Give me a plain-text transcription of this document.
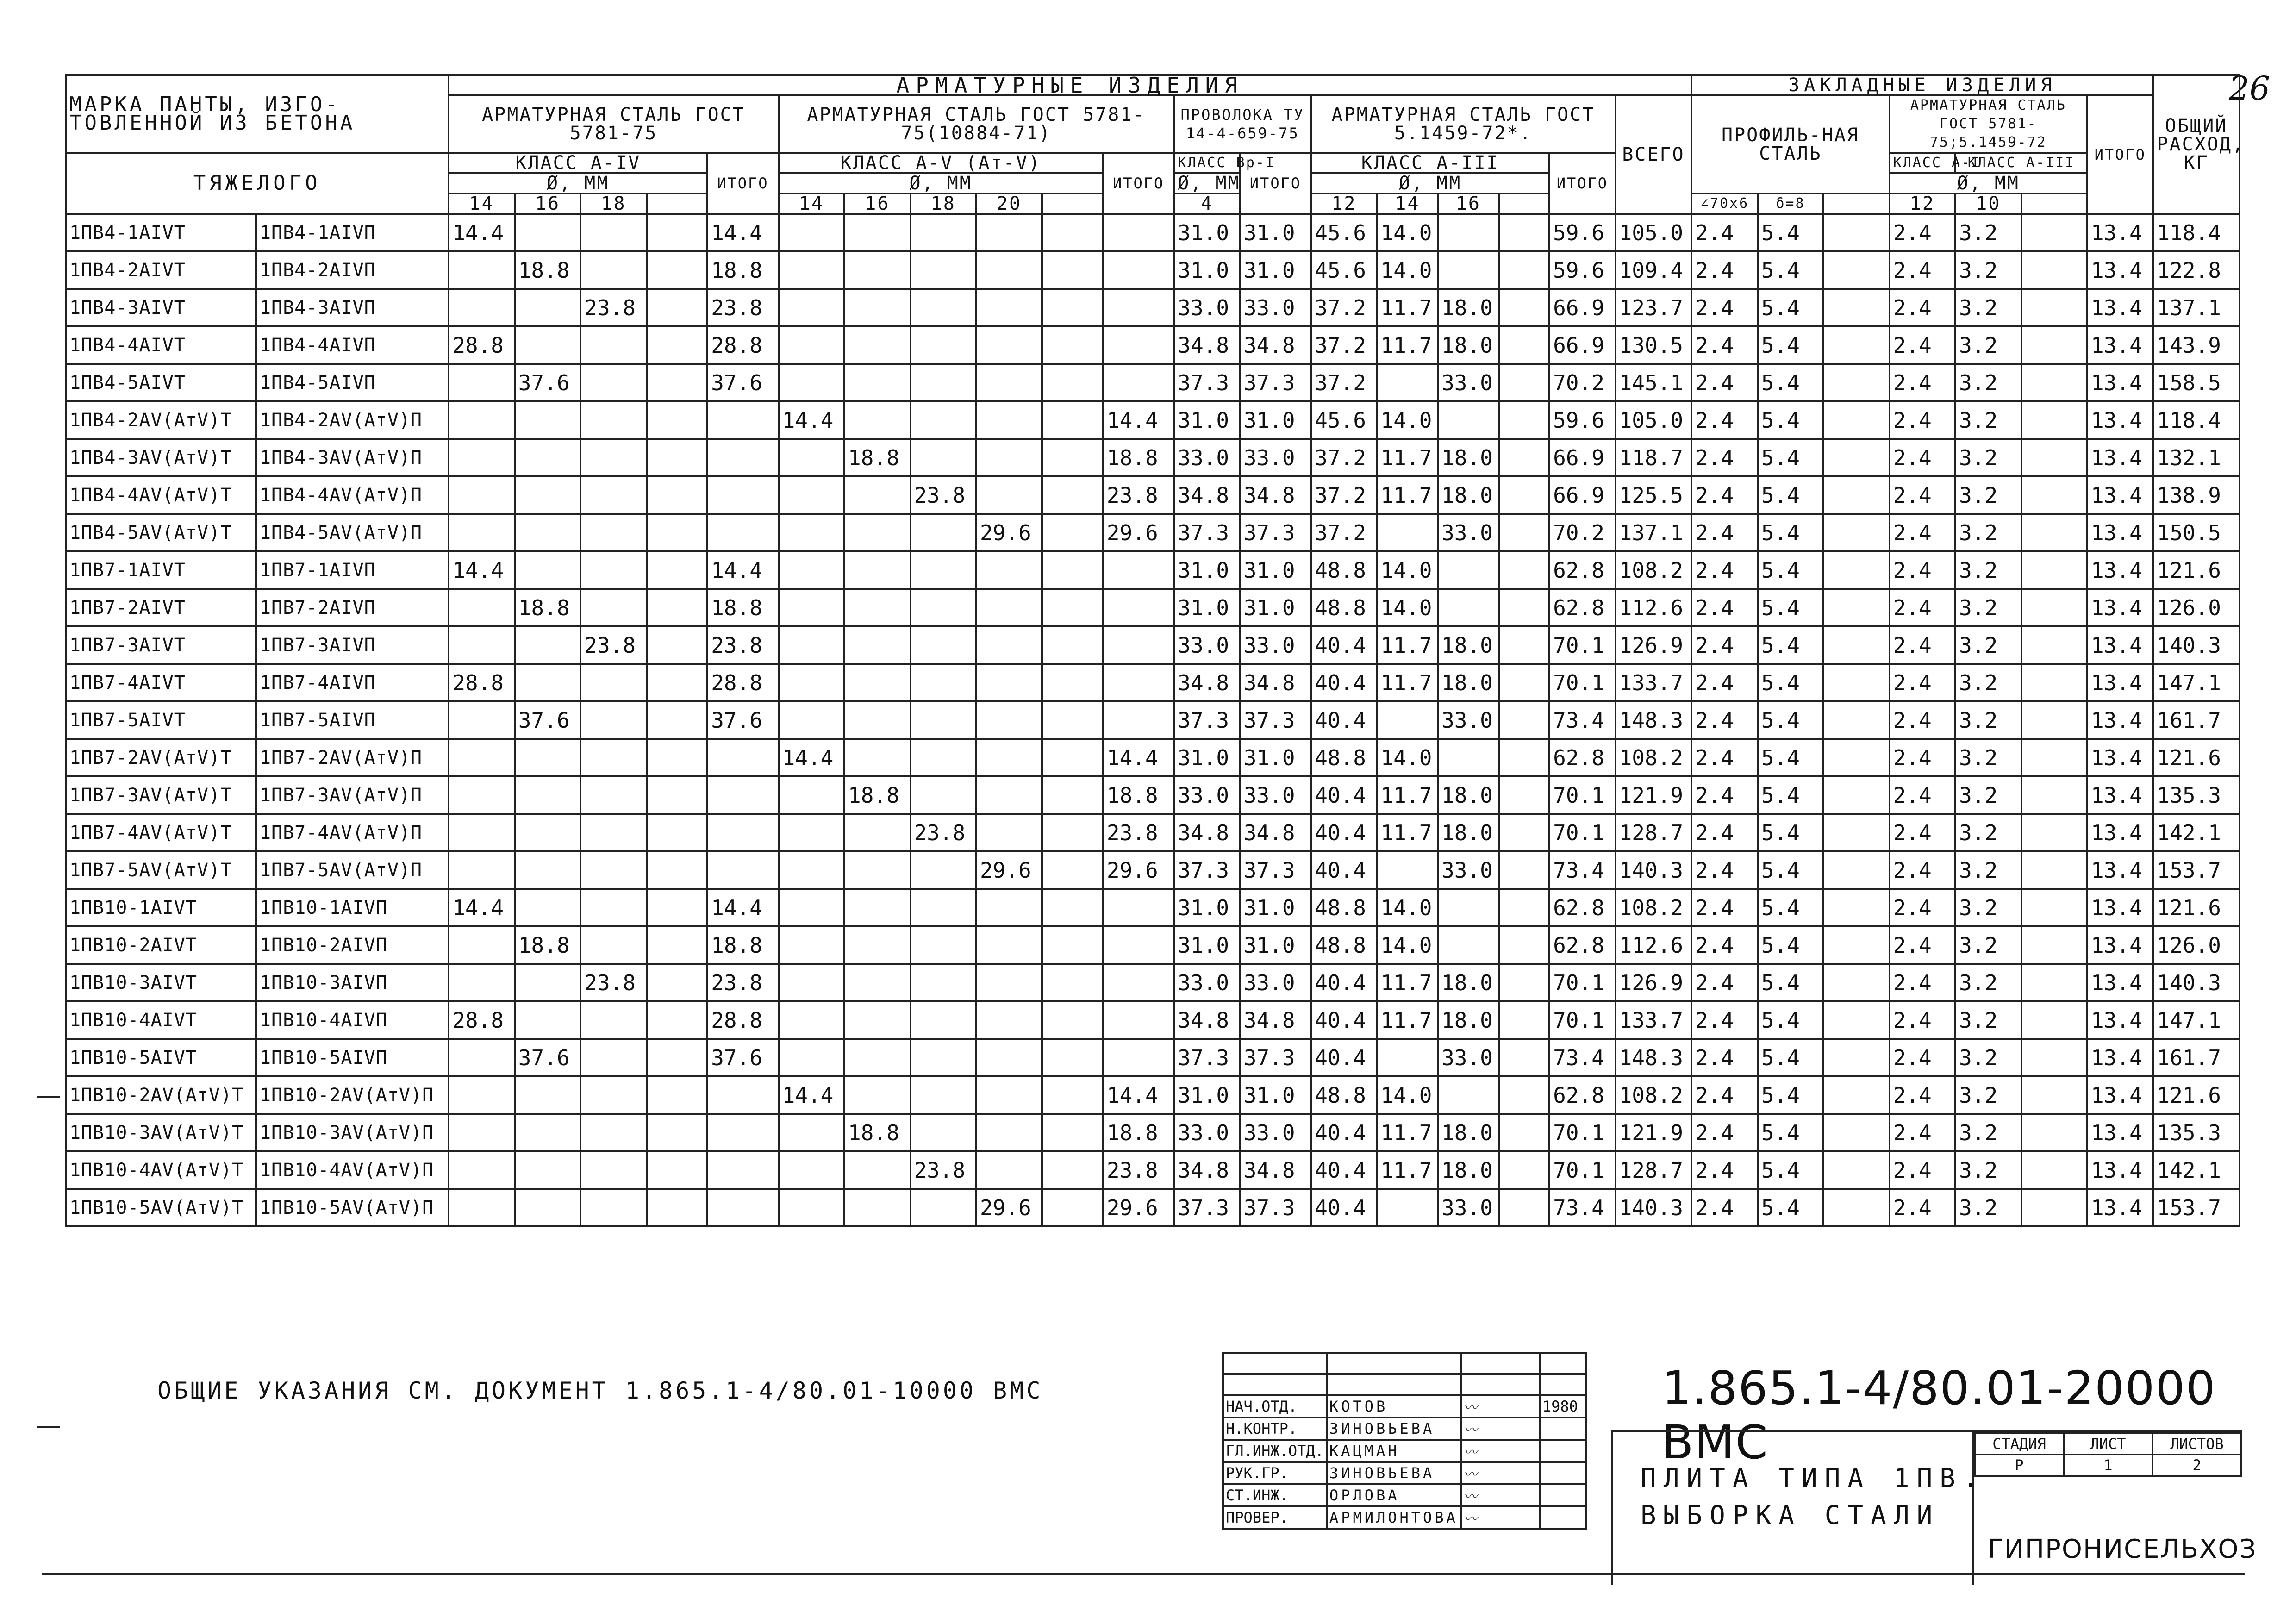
26
МАРКА ПАНТЫ, ИЗГО-ТОВЛЕННОЙ ИЗ БЕТОНА		АРМАТУРНЫЕ ИЗДЕЛИЯ																			ЗАКЛАДНЫЕ ИЗДЕЛИЯ							ОБЩИЙ РАСХОД, КГ
		АРМАТУРНАЯ СТАЛЬ ГОСТ 5781-75					АРМАТУРНАЯ СТАЛЬ ГОСТ 5781-75(10884-71)						ПРОВОЛОКА ТУ 14-4-659-75		АРМАТУРНАЯ СТАЛЬ ГОСТ 5.1459-72*.					ВСЕГО	ПРОФИЛЬ-НАЯ СТАЛЬ			АРМАТУРНАЯ СТАЛЬ ГОСТ 5781-75;5.1459-72			ИТОГО	
ТЯЖЕЛОГО		КЛАСС А-IV				ИТОГО	КЛАСС А-V (Ат-V)					ИТОГО	КЛАСС Вр-I	ИТОГО	КЛАСС А-III				ИТОГО					КЛАСС А-I	КЛАСС А-III			
		Ø, ММ					Ø, ММ						Ø, ММ		Ø, ММ									Ø, ММ				
		14	16	18			14	16	18	20			4		12	14	16				∠70х6	δ=8		12	10			
1ПВ4-1АIVТ	1ПВ4-1АIVП	14.4				14.4							31.0	31.0	45.6	14.0			59.6	105.0	2.4	5.4		2.4	3.2		13.4	118.4
1ПВ4-2АIVТ	1ПВ4-2АIVП		18.8			18.8							31.0	31.0	45.6	14.0			59.6	109.4	2.4	5.4		2.4	3.2		13.4	122.8
1ПВ4-3АIVТ	1ПВ4-3АIVП			23.8		23.8							33.0	33.0	37.2	11.7	18.0		66.9	123.7	2.4	5.4		2.4	3.2		13.4	137.1
1ПВ4-4АIVТ	1ПВ4-4АIVП	28.8				28.8							34.8	34.8	37.2	11.7	18.0		66.9	130.5	2.4	5.4		2.4	3.2		13.4	143.9
1ПВ4-5АIVТ	1ПВ4-5АIVП		37.6			37.6							37.3	37.3	37.2		33.0		70.2	145.1	2.4	5.4		2.4	3.2		13.4	158.5
1ПВ4-2АV(АтV)Т	1ПВ4-2АV(АтV)П						14.4					14.4	31.0	31.0	45.6	14.0			59.6	105.0	2.4	5.4		2.4	3.2		13.4	118.4
1ПВ4-3АV(АтV)Т	1ПВ4-3АV(АтV)П							18.8				18.8	33.0	33.0	37.2	11.7	18.0		66.9	118.7	2.4	5.4		2.4	3.2		13.4	132.1
1ПВ4-4АV(АтV)Т	1ПВ4-4АV(АтV)П								23.8			23.8	34.8	34.8	37.2	11.7	18.0		66.9	125.5	2.4	5.4		2.4	3.2		13.4	138.9
1ПВ4-5АV(АтV)Т	1ПВ4-5АV(АтV)П									29.6		29.6	37.3	37.3	37.2		33.0		70.2	137.1	2.4	5.4		2.4	3.2		13.4	150.5
1ПВ7-1АIVТ	1ПВ7-1АIVП	14.4				14.4							31.0	31.0	48.8	14.0			62.8	108.2	2.4	5.4		2.4	3.2		13.4	121.6
1ПВ7-2АIVТ	1ПВ7-2АIVП		18.8			18.8							31.0	31.0	48.8	14.0			62.8	112.6	2.4	5.4		2.4	3.2		13.4	126.0
1ПВ7-3АIVТ	1ПВ7-3АIVП			23.8		23.8							33.0	33.0	40.4	11.7	18.0		70.1	126.9	2.4	5.4		2.4	3.2		13.4	140.3
1ПВ7-4АIVТ	1ПВ7-4АIVП	28.8				28.8							34.8	34.8	40.4	11.7	18.0		70.1	133.7	2.4	5.4		2.4	3.2		13.4	147.1
1ПВ7-5АIVТ	1ПВ7-5АIVП		37.6			37.6							37.3	37.3	40.4		33.0		73.4	148.3	2.4	5.4		2.4	3.2		13.4	161.7
1ПВ7-2АV(АтV)Т	1ПВ7-2АV(АтV)П						14.4					14.4	31.0	31.0	48.8	14.0			62.8	108.2	2.4	5.4		2.4	3.2		13.4	121.6
1ПВ7-3АV(АтV)Т	1ПВ7-3АV(АтV)П							18.8				18.8	33.0	33.0	40.4	11.7	18.0		70.1	121.9	2.4	5.4		2.4	3.2		13.4	135.3
1ПВ7-4АV(АтV)Т	1ПВ7-4АV(АтV)П								23.8			23.8	34.8	34.8	40.4	11.7	18.0		70.1	128.7	2.4	5.4		2.4	3.2		13.4	142.1
1ПВ7-5АV(АтV)Т	1ПВ7-5АV(АтV)П									29.6		29.6	37.3	37.3	40.4		33.0		73.4	140.3	2.4	5.4		2.4	3.2		13.4	153.7
1ПВ10-1АIVТ	1ПВ10-1АIVП	14.4				14.4							31.0	31.0	48.8	14.0			62.8	108.2	2.4	5.4		2.4	3.2		13.4	121.6
1ПВ10-2АIVТ	1ПВ10-2АIVП		18.8			18.8							31.0	31.0	48.8	14.0			62.8	112.6	2.4	5.4		2.4	3.2		13.4	126.0
1ПВ10-3АIVТ	1ПВ10-3АIVП			23.8		23.8							33.0	33.0	40.4	11.7	18.0		70.1	126.9	2.4	5.4		2.4	3.2		13.4	140.3
1ПВ10-4АIVТ	1ПВ10-4АIVП	28.8				28.8							34.8	34.8	40.4	11.7	18.0		70.1	133.7	2.4	5.4		2.4	3.2		13.4	147.1
1ПВ10-5АIVТ	1ПВ10-5АIVП		37.6			37.6							37.3	37.3	40.4		33.0		73.4	148.3	2.4	5.4		2.4	3.2		13.4	161.7
1ПВ10-2АV(АтV)Т	1ПВ10-2АV(АтV)П						14.4					14.4	31.0	31.0	48.8	14.0			62.8	108.2	2.4	5.4		2.4	3.2		13.4	121.6
1ПВ10-3АV(АтV)Т	1ПВ10-3АV(АтV)П							18.8				18.8	33.0	33.0	40.4	11.7	18.0		70.1	121.9	2.4	5.4		2.4	3.2		13.4	135.3
1ПВ10-4АV(АтV)Т	1ПВ10-4АV(АтV)П								23.8			23.8	34.8	34.8	40.4	11.7	18.0		70.1	128.7	2.4	5.4		2.4	3.2		13.4	142.1
1ПВ10-5АV(АтV)Т	1ПВ10-5АV(АтV)П									29.6		29.6	37.3	37.3	40.4		33.0		73.4	140.3	2.4	5.4		2.4	3.2		13.4	153.7
ОБЩИЕ УКАЗАНИЯ СМ. ДОКУМЕНТ 1.865.1-4/80.01-10000 ВМС

НАЧ.ОТД.	КОТОВ	〰	1980
Н.КОНТР.	ЗИНОВЬЕВА	〰	
ГЛ.ИНЖ.ОТД.	КАЦМАН	〰	
РУК.ГР.	ЗИНОВЬЕВА	〰	
СТ.ИНЖ.	ОРЛОВА	〰	
ПРОВЕР.	АРМИЛОНТОВА	〰	
1.865.1-4/80.01-20000 ВМС
ПЛИТА ТИПА 1ПВ.
ВЫБОРКА СТАЛИ
СТАДИЯ	ЛИСТ	ЛИСТОВ
Р	1	2
ГИПРОНИСЕЛЬХОЗ
